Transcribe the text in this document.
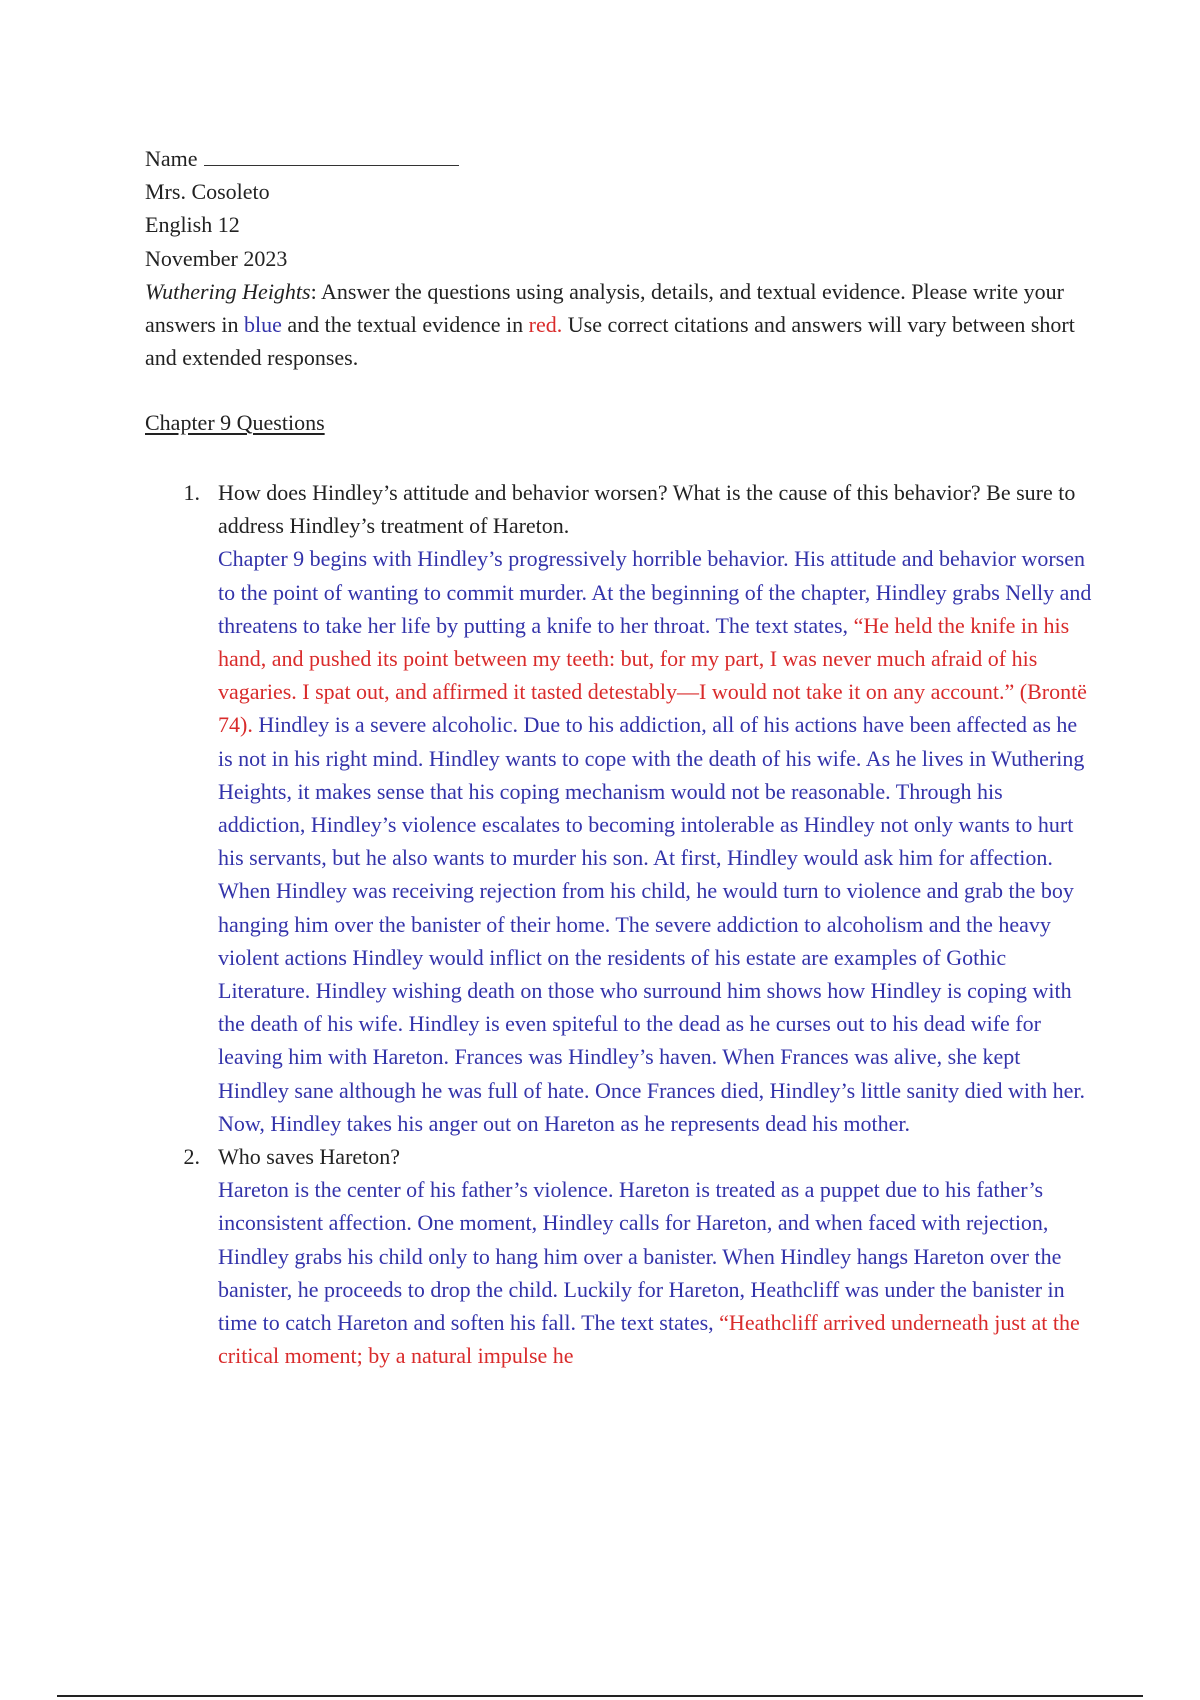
Name

Mrs. Cosoleto

English 12

November 2023

Wuthering Heights: Answer the questions using analysis, details, and textual evidence. Please write your answers in blue and the textual evidence in red. Use correct citations and answers will vary between short and extended responses.

Chapter 9 Questions
1. How does Hindley’s attitude and behavior worsen? What is the cause of this behavior? Be sure to address Hindley’s treatment of Hareton.

Chapter 9 begins with Hindley’s progressively horrible behavior. His attitude and behavior worsen to the point of wanting to commit murder. At the beginning of the chapter, Hindley grabs Nelly and threatens to take her life by putting a knife to her throat. The text states, “He held the knife in his hand, and pushed its point between my teeth: but, for my part, I was never much afraid of his vagaries. I spat out, and affirmed it tasted detestably—I would not take it on any account.” (Brontë 74). Hindley is a severe alcoholic. Due to his addiction, all of his actions have been affected as he is not in his right mind. Hindley wants to cope with the death of his wife. As he lives in Wuthering Heights, it makes sense that his coping mechanism would not be reasonable. Through his addiction, Hindley’s violence escalates to becoming intolerable as Hindley not only wants to hurt his servants, but he also wants to murder his son. At first, Hindley would ask him for affection. When Hindley was receiving rejection from his child, he would turn to violence and grab the boy hanging him over the banister of their home. The severe addiction to alcoholism and the heavy violent actions Hindley would inflict on the residents of his estate are examples of Gothic Literature. Hindley wishing death on those who surround him shows how Hindley is coping with the death of his wife. Hindley is even spiteful to the dead as he curses out to his dead wife for leaving him with Hareton. Frances was Hindley’s haven. When Frances was alive, she kept Hindley sane although he was full of hate. Once Frances died, Hindley’s little sanity died with her. Now, Hindley takes his anger out on Hareton as he represents dead his mother.

2. Who saves Hareton?

Hareton is the center of his father’s violence. Hareton is treated as a puppet due to his father’s inconsistent affection. One moment, Hindley calls for Hareton, and when faced with rejection, Hindley grabs his child only to hang him over a banister. When Hindley hangs Hareton over the banister, he proceeds to drop the child. Luckily for Hareton, Heathcliff was under the banister in time to catch Hareton and soften his fall. The text states, “Heathcliff arrived underneath just at the critical moment; by a natural impulse he
